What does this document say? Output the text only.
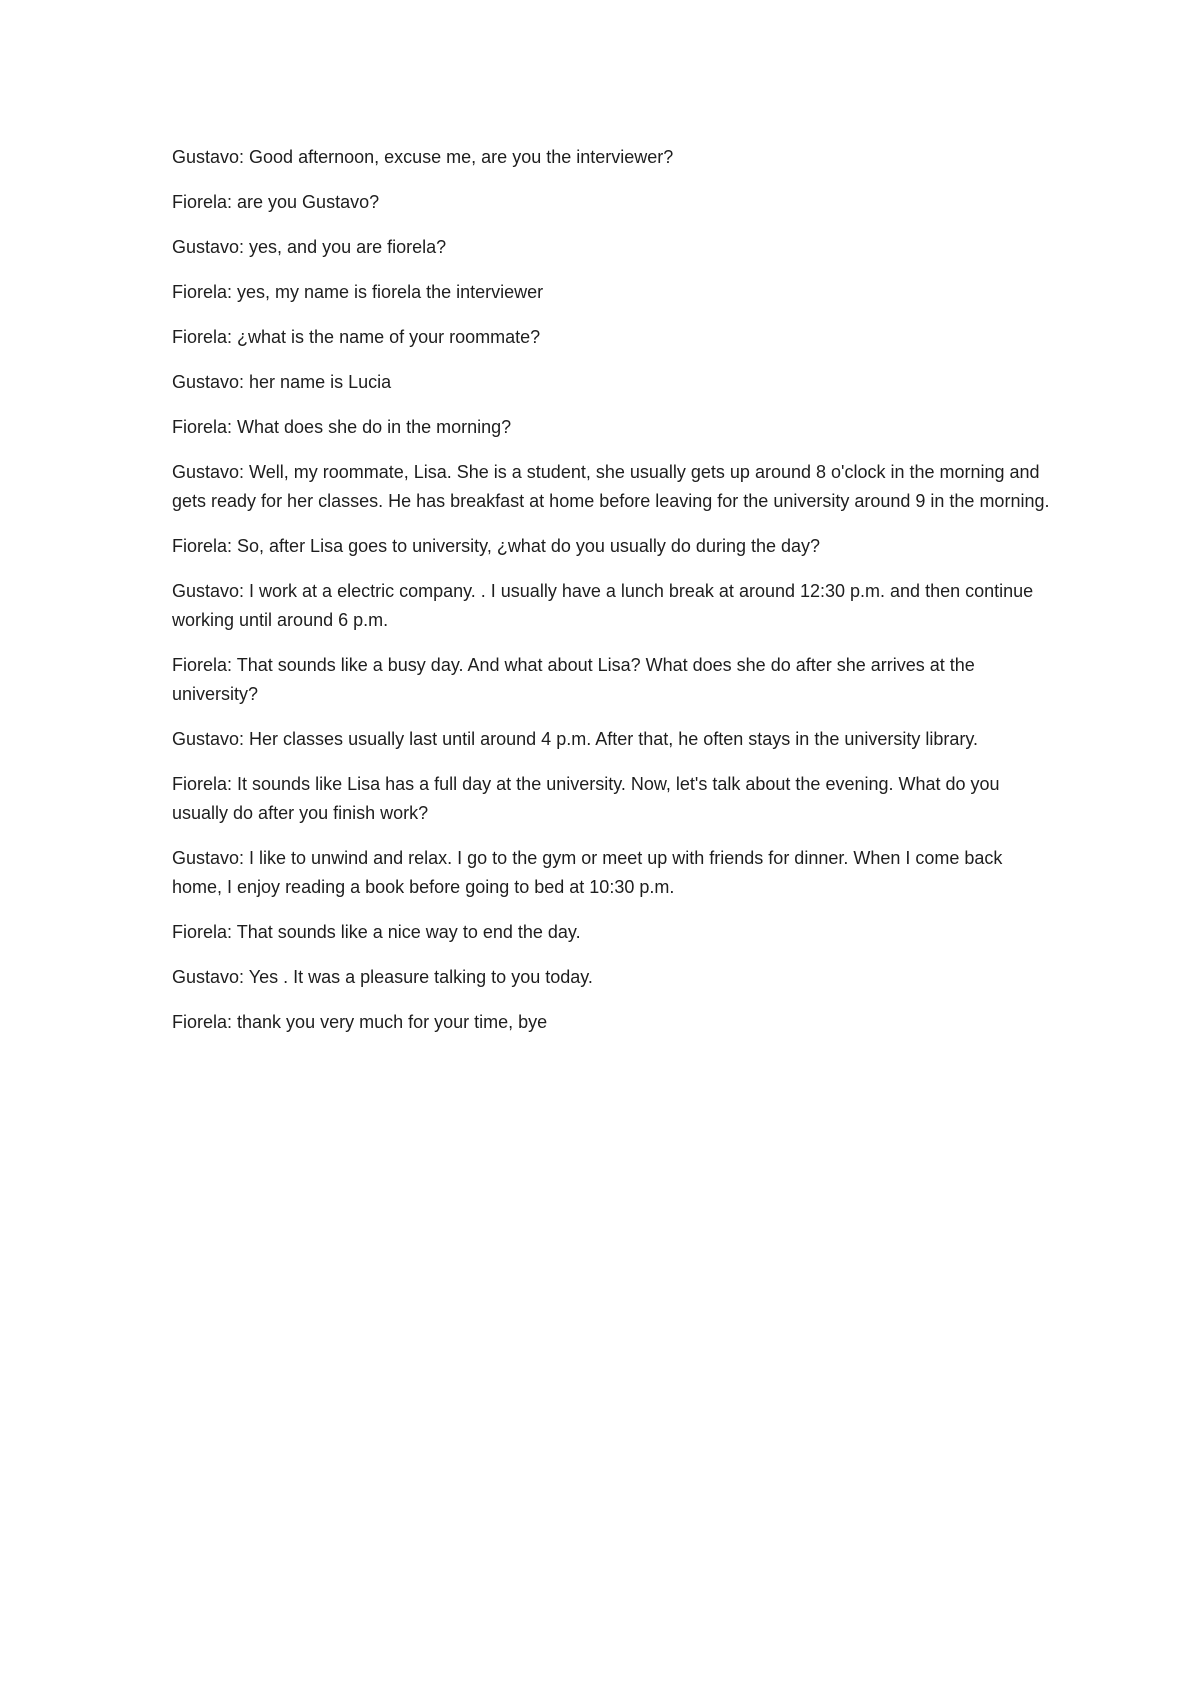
Gustavo: Good afternoon, excuse me, are you the interviewer?

Fiorela: are you Gustavo?

Gustavo: yes, and you are fiorela?

Fiorela: yes, my name is fiorela the interviewer

Fiorela: ¿what is the name of your roommate?

Gustavo: her name is Lucia

Fiorela: What does she do in the morning?

Gustavo: Well, my roommate, Lisa. She is a student, she usually gets up around 8 o'clock in the morning and gets ready for her classes. He has breakfast at home before leaving for the university around 9 in the morning.

Fiorela: So, after Lisa goes to university, ¿what do you usually do during the day?

Gustavo: I work at a electric company. . I usually have a lunch break at around 12:30 p.m. and then continue working until around 6 p.m.

Fiorela: That sounds like a busy day. And what about Lisa? What does she do after she arrives at the university?

Gustavo: Her classes usually last until around 4 p.m. After that, he often stays in the university library.

Fiorela: It sounds like Lisa has a full day at the university. Now, let's talk about the evening. What do you usually do after you finish work?

Gustavo: I like to unwind and relax. I go to the gym or meet up with friends for dinner. When I come back home, I enjoy reading a book before going to bed at 10:30 p.m.

Fiorela: That sounds like a nice way to end the day.

Gustavo: Yes . It was a pleasure talking to you today.

Fiorela: thank you very much for your time, bye
